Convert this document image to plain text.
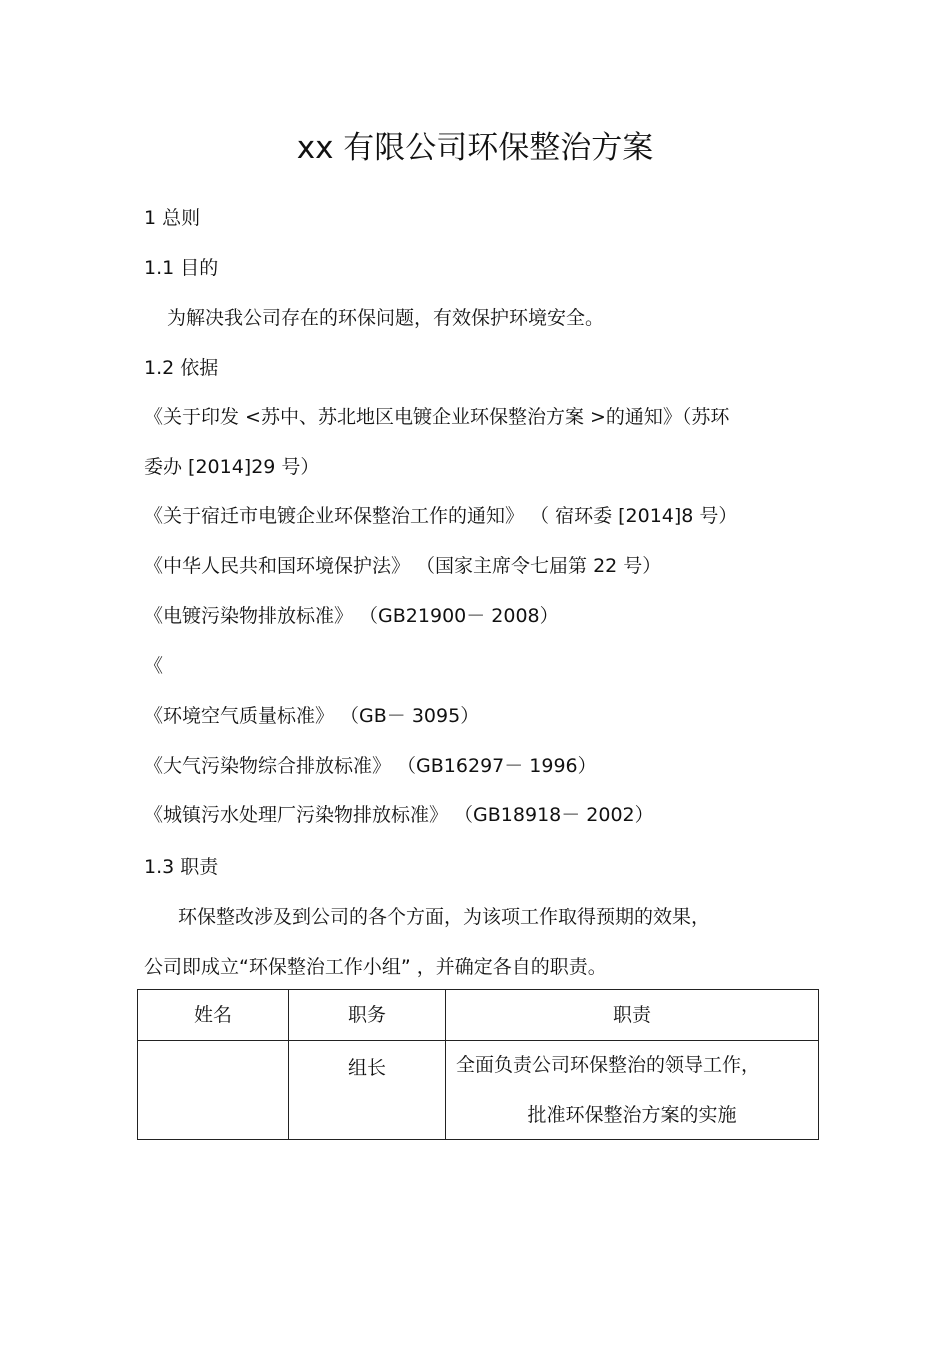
xx 有限公司环保整治方案
1 总则
1.1 目的
为解决我公司存在的环保问题，有效保护环境安全。
1.2 依据
《关于印发 <苏中、苏北地区电镀企业环保整治方案 >的通知》（苏环
委办 [2014]29 号）
《关于宿迁市电镀企业环保整治工作的通知》 （ 宿环委 [2014]8 号）
《中华人民共和国环境保护法》 （国家主席令七届第 22 号）
《电镀污染物排放标准》 （GB21900－ 2008）
《
《环境空气质量标准》 （GB－ 3095）
《大气污染物综合排放标准》 （GB16297－ 1996）
《城镇污水处理厂污染物排放标准》 （GB18918－ 2002）
1.3 职责
环保整改涉及到公司的各个方面，为该项工作取得预期的效果，
公司即成立“环保整治工作小组” ，并确定各自的职责。
姓名	职务	职责
	组长	全面负责公司环保整治的领导工作，
批准环保整治方案的实施
